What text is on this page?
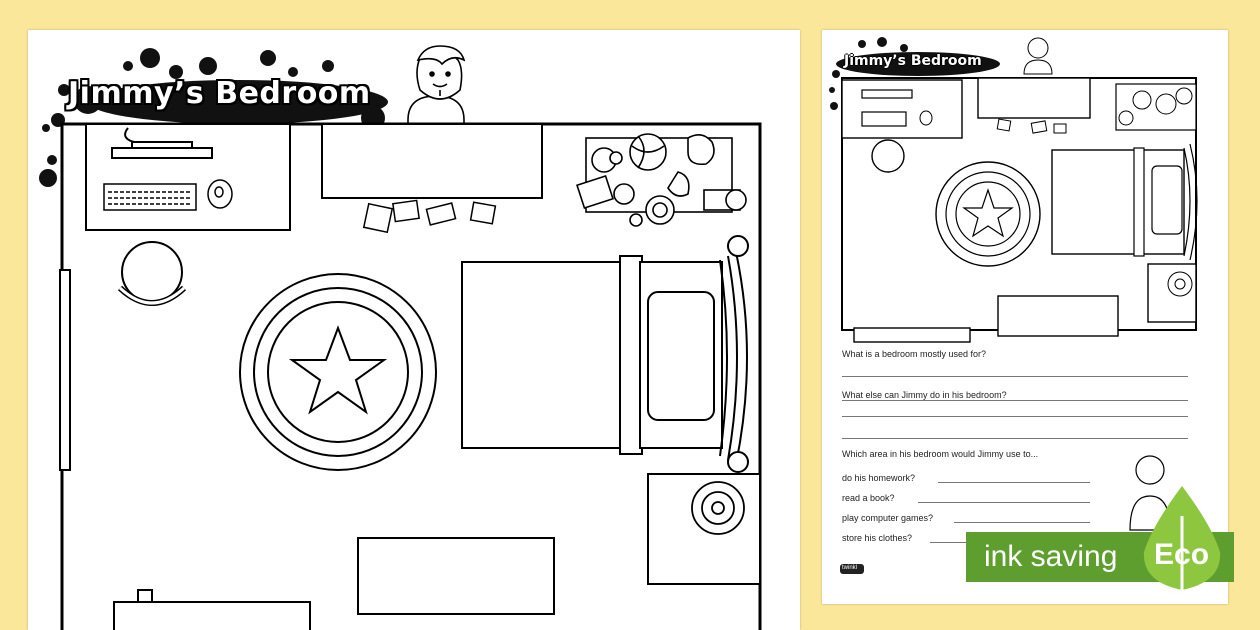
Jimmy’s Bedroom
Jimmy’s Bedroom
What is a bedroom mostly used for?
What else can Jimmy do in his bedroom?
Which area in his bedroom would Jimmy use to...
do his homework?
read a book?
play computer games?
store his clothes?
twinkl	ink saving Eco
